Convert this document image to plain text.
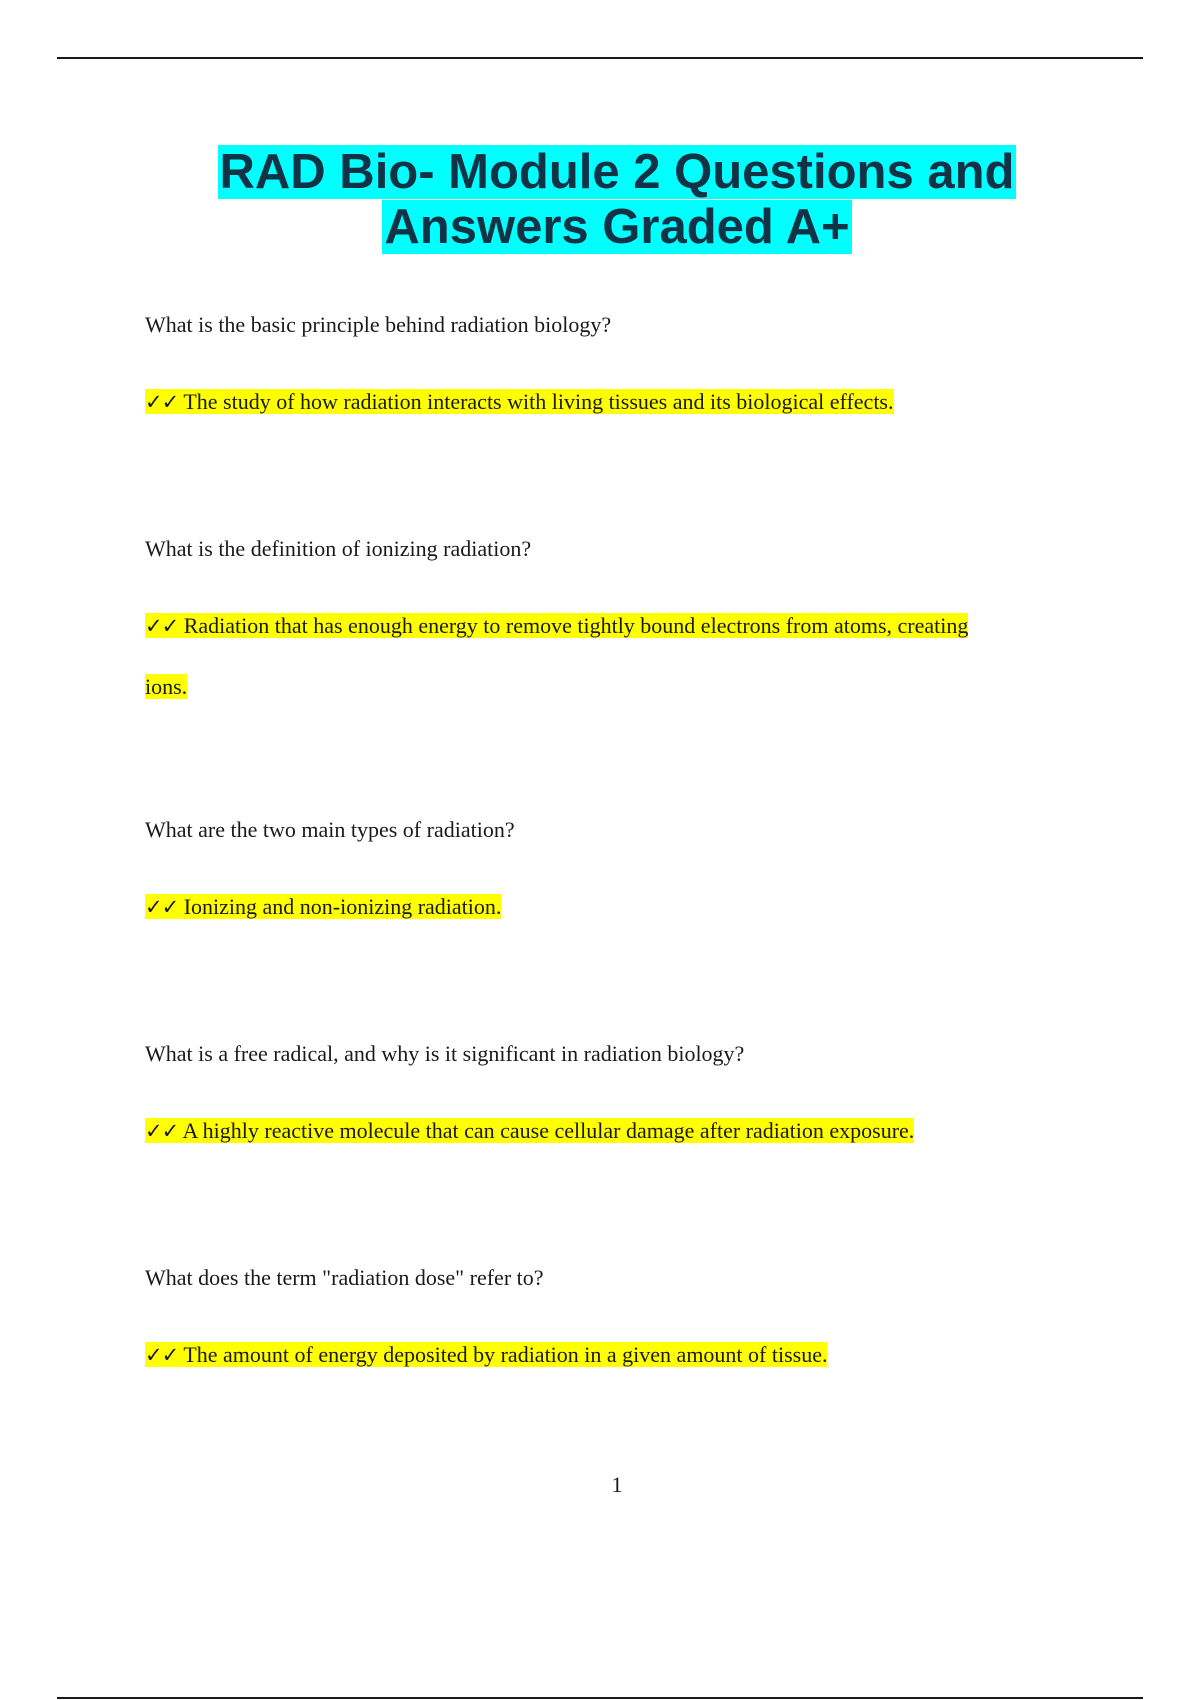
RAD Bio- Module 2 Questions and
Answers Graded A+

What is the basic principle behind radiation biology?

✓✓ The study of how radiation interacts with living tissues and its biological effects.

What is the definition of ionizing radiation?

✓✓ Radiation that has enough energy to remove tightly bound electrons from atoms, creating

ions.

What are the two main types of radiation?

✓✓ Ionizing and non-ionizing radiation.

What is a free radical, and why is it significant in radiation biology?

✓✓ A highly reactive molecule that can cause cellular damage after radiation exposure.

What does the term "radiation dose" refer to?

✓✓ The amount of energy deposited by radiation in a given amount of tissue.

1
